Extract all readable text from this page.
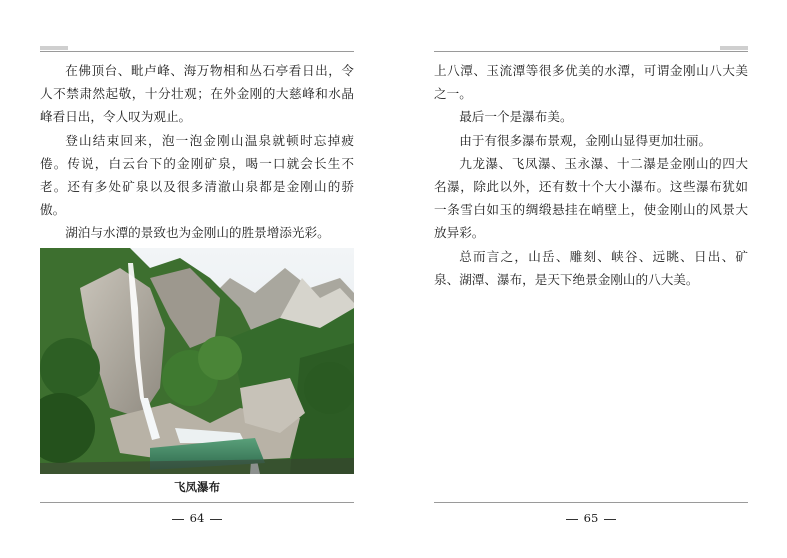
在佛顶台、毗卢峰、海万物相和丛石亭看日出，令人不禁肃然起敬，十分壮观；在外金刚的大慈峰和水晶峰看日出，令人叹为观止。

登山结束回来，泡一泡金刚山温泉就顿时忘掉疲倦。传说，白云台下的金刚矿泉，喝一口就会长生不老。还有多处矿泉以及很多清澈山泉都是金刚山的骄傲。

湖泊与水潭的景致也为金刚山的胜景增添光彩。

飞凤瀑布
64

上八潭、玉流潭等很多优美的水潭，可谓金刚山八大美之一。

最后一个是瀑布美。

由于有很多瀑布景观，金刚山显得更加壮丽。

九龙瀑、飞凤瀑、玉永瀑、十二瀑是金刚山的四大名瀑，除此以外，还有数十个大小瀑布。这些瀑布犹如一条雪白如玉的绸缎悬挂在峭壁上，使金刚山的风景大放异彩。

总而言之，山岳、雕刻、峡谷、远眺、日出、矿泉、湖潭、瀑布，是天下绝景金刚山的八大美。

65
